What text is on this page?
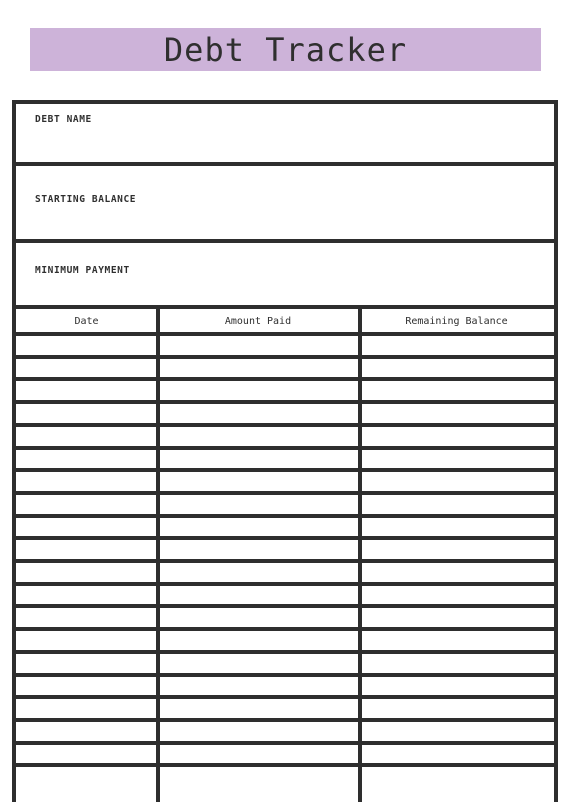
Debt Tracker
DEBT NAME
STARTING BALANCE
MINIMUM PAYMENT
Date	Amount Paid	Remaining Balance
